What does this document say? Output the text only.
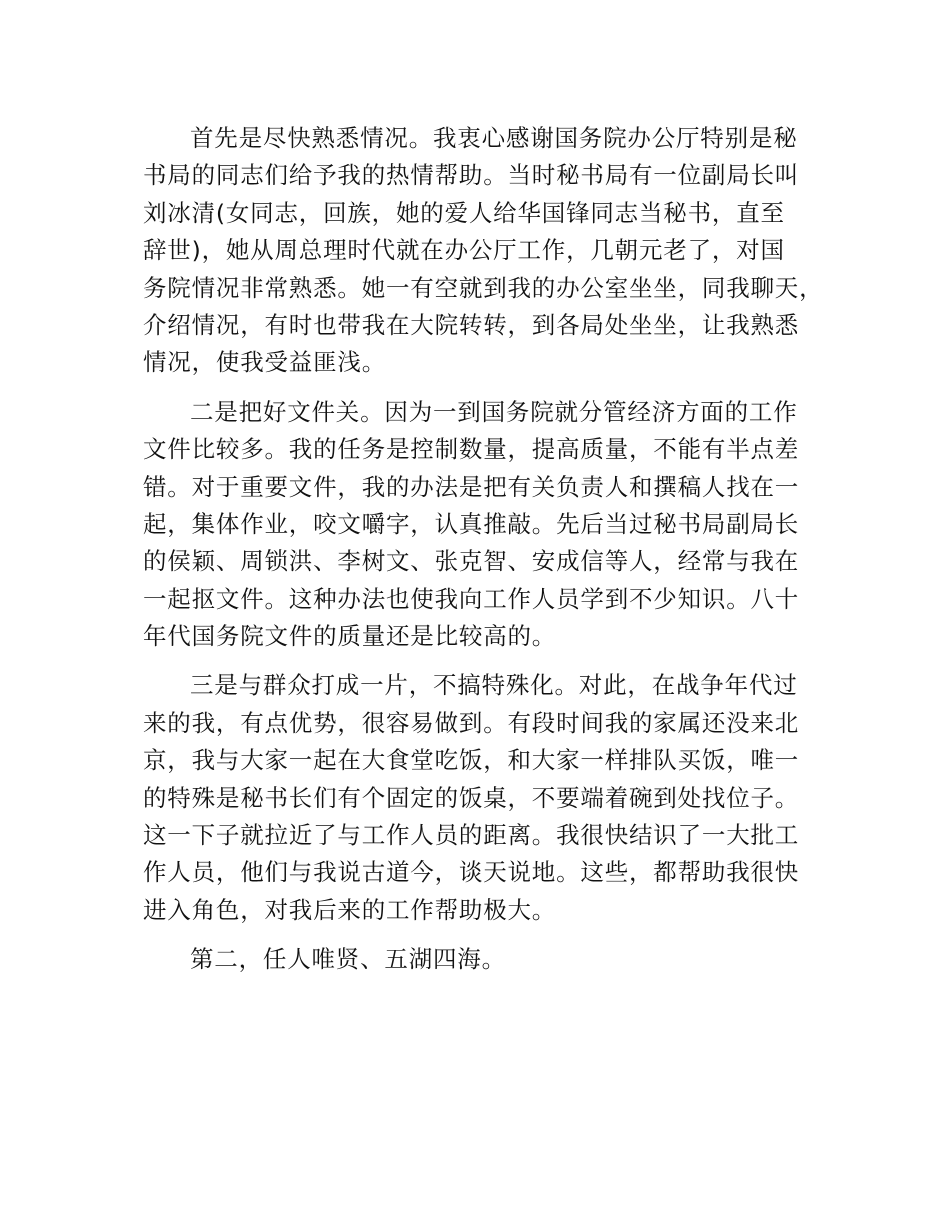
首先是尽快熟悉情况。我衷心感谢国务院办公厅特别是秘
书局的同志们给予我的热情帮助。当时秘书局有一位副局长叫
刘冰清(女同志，回族，她的爱人给华国锋同志当秘书，直至
辞世)，她从周总理时代就在办公厅工作，几朝元老了，对国
务院情况非常熟悉。她一有空就到我的办公室坐坐，同我聊天，
介绍情况，有时也带我在大院转转，到各局处坐坐，让我熟悉
情况，使我受益匪浅。
二是把好文件关。因为一到国务院就分管经济方面的工作
文件比较多。我的任务是控制数量，提高质量，不能有半点差
错。对于重要文件，我的办法是把有关负责人和撰稿人找在一
起，集体作业，咬文嚼字，认真推敲。先后当过秘书局副局长
的侯颖、周锁洪、李树文、张克智、安成信等人，经常与我在
一起抠文件。这种办法也使我向工作人员学到不少知识。八十
年代国务院文件的质量还是比较高的。
三是与群众打成一片，不搞特殊化。对此，在战争年代过
来的我，有点优势，很容易做到。有段时间我的家属还没来北
京，我与大家一起在大食堂吃饭，和大家一样排队买饭，唯一
的特殊是秘书长们有个固定的饭桌，不要端着碗到处找位子。
这一下子就拉近了与工作人员的距离。我很快结识了一大批工
作人员，他们与我说古道今，谈天说地。这些，都帮助我很快
进入角色，对我后来的工作帮助极大。
第二，任人唯贤、五湖四海。
